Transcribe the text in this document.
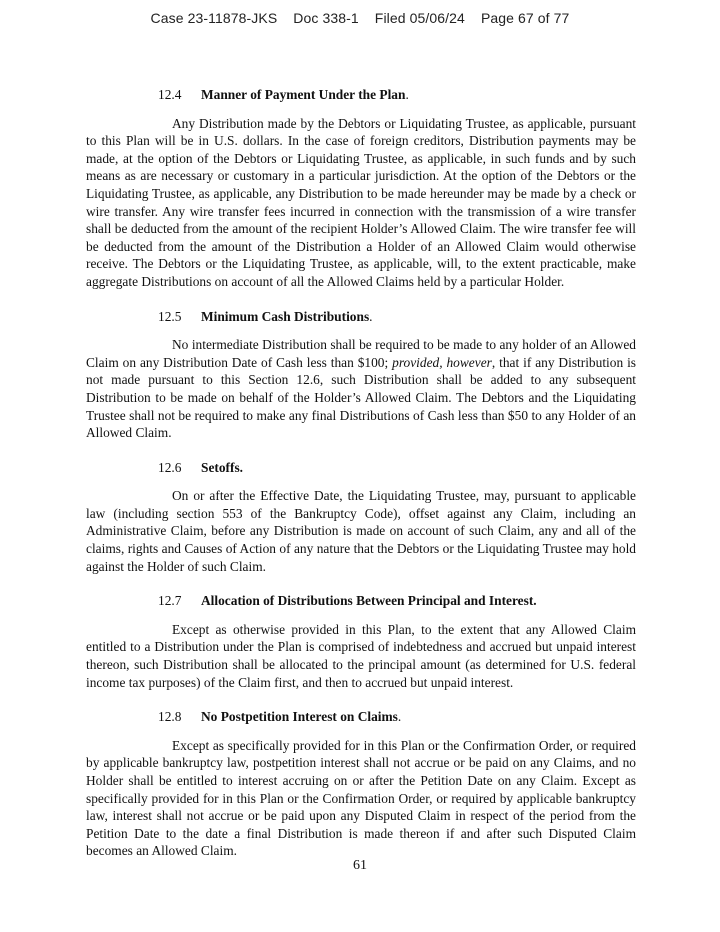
Case 23-11878-JKS Doc 338-1 Filed 05/06/24 Page 67 of 77
12.4	Manner of Payment Under the Plan .

Any Distribution made by the Debtors or Liquidating Trustee, as applicable, pursuant to this Plan will be in U.S. dollars. In the case of foreign creditors, Distribution payments may be made, at the option of the Debtors or Liquidating Trustee, as applicable, in such funds and by such means as are necessary or customary in a particular jurisdiction. At the option of the Debtors or the Liquidating Trustee, as applicable, any Distribution to be made hereunder may be made by a check or wire transfer. Any wire transfer fees incurred in connection with the transmission of a wire transfer shall be deducted from the amount of the recipient Holder’s Allowed Claim. The wire transfer fee will be deducted from the amount of the Distribution a Holder of an Allowed Claim would otherwise receive. The Debtors or the Liquidating Trustee, as applicable, will, to the extent practicable, make aggregate Distributions on account of all the Allowed Claims held by a particular Holder.

12.5	Minimum Cash Distributions .

No intermediate Distribution shall be required to be made to any holder of an Allowed Claim on any Distribution Date of Cash less than $100; provided, however, that if any Distribution is not made pursuant to this Section 12.6, such Distribution shall be added to any subsequent Distribution to be made on behalf of the Holder’s Allowed Claim. The Debtors and the Liquidating Trustee shall not be required to make any final Distributions of Cash less than $50 to any Holder of an Allowed Claim.

12.6	Setoffs.

On or after the Effective Date, the Liquidating Trustee, may, pursuant to applicable law (including section 553 of the Bankruptcy Code), offset against any Claim, including an Administrative Claim, before any Distribution is made on account of such Claim, any and all of the claims, rights and Causes of Action of any nature that the Debtors or the Liquidating Trustee may hold against the Holder of such Claim.

12.7	Allocation of Distributions Between Principal and Interest.

Except as otherwise provided in this Plan, to the extent that any Allowed Claim entitled to a Distribution under the Plan is comprised of indebtedness and accrued but unpaid interest thereon, such Distribution shall be allocated to the principal amount (as determined for U.S. federal income tax purposes) of the Claim first, and then to accrued but unpaid interest.

12.8	No Postpetition Interest on Claims .

Except as specifically provided for in this Plan or the Confirmation Order, or required by applicable bankruptcy law, postpetition interest shall not accrue or be paid on any Claims, and no Holder shall be entitled to interest accruing on or after the Petition Date on any Claim. Except as specifically provided for in this Plan or the Confirmation Order, or required by applicable bankruptcy law, interest shall not accrue or be paid upon any Disputed Claim in respect of the period from the Petition Date to the date a final Distribution is made thereon if and after such Disputed Claim becomes an Allowed Claim.

61
